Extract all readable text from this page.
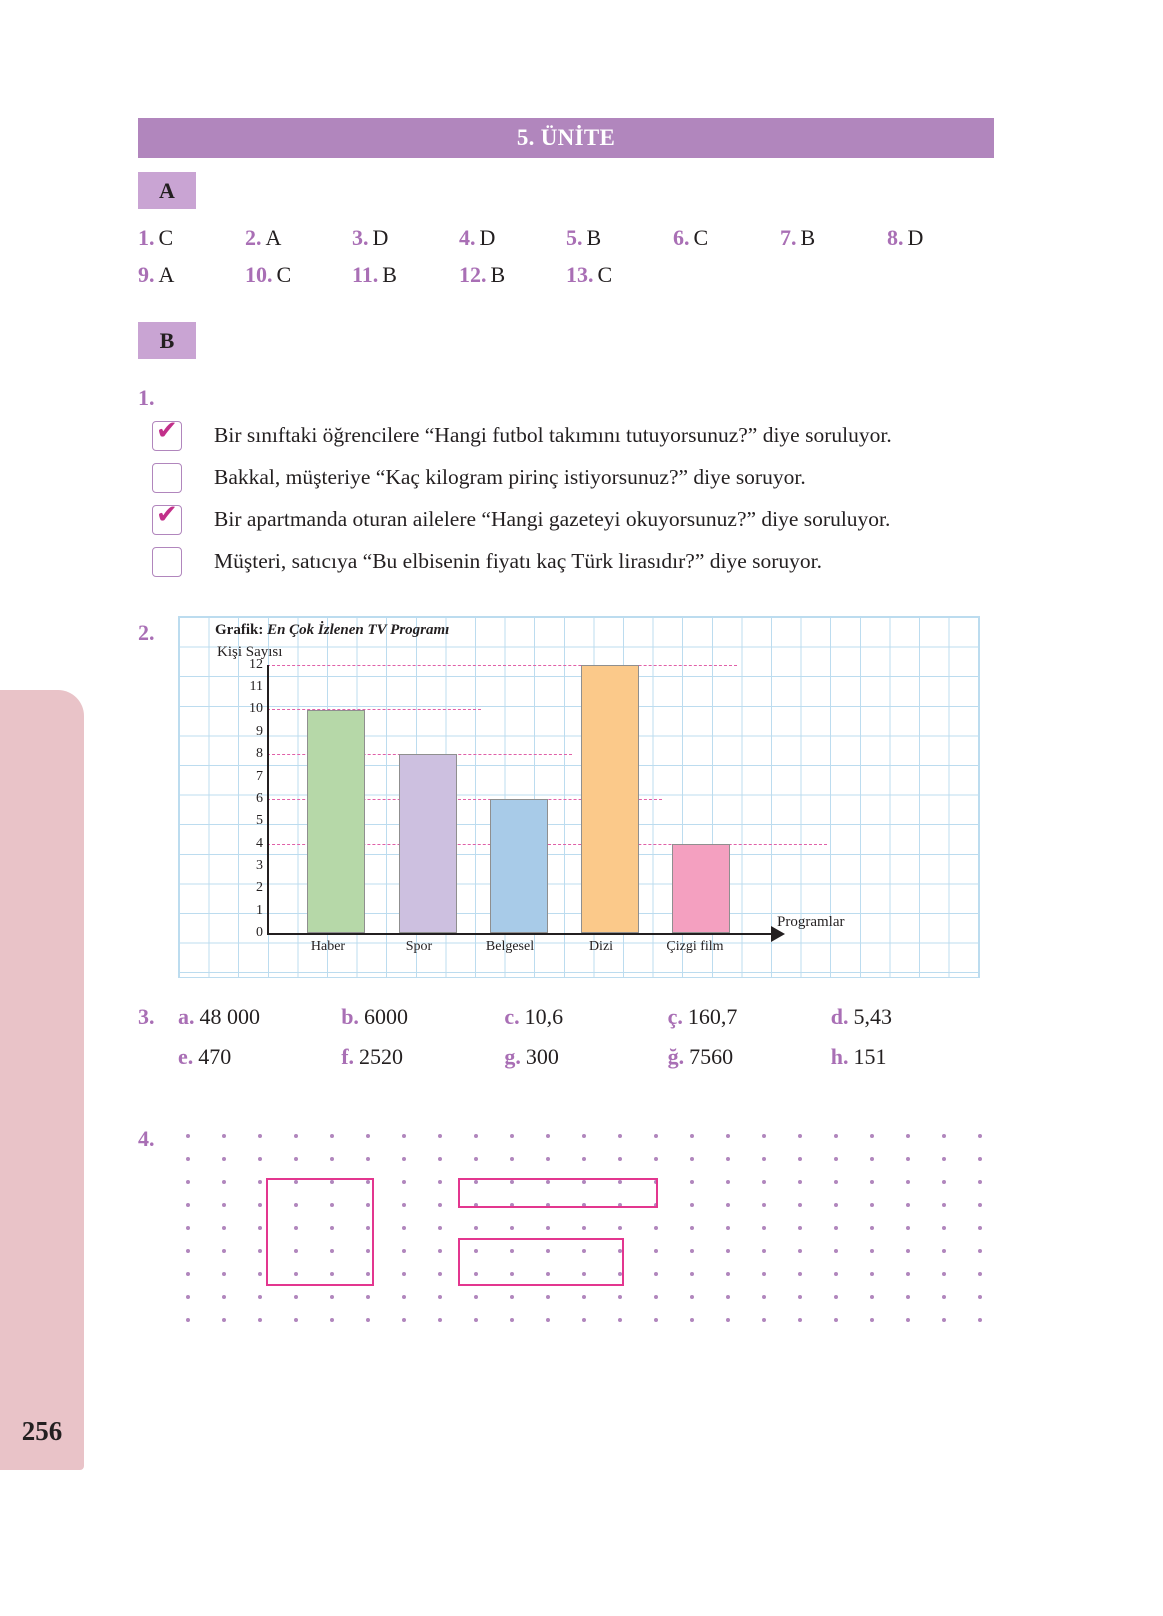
256
5. ÜNİTE
A
1. C	2. A	3. D	4. D	5. B	6. C	7. B	8. D
9. A	10. C	11. B	12. B	13. C
B
1.
✔ Bir sınıftaki öğrencilere “Hangi futbol takımını tutuyorsunuz?” diye soruluyor.
Bakkal, müşteriye “Kaç kilogram pirinç istiyorsunuz?” diye soruyor.
✔ Bir apartmanda oturan ailelere “Hangi gazeteyi okuyorsunuz?” diye soruluyor.
Müşteri, satıcıya “Bu elbisenin fiyatı kaç Türk lirasıdır?” diye soruyor.
2.	Grafik: En Çok İzlenen TV Programı
Kişi Sayısı
Programlar
12
11
10
9
8
7
6
5
4
3
2
1
0
Haber	Spor	Belgesel	Dizi	Çizgi film
3.	a. 48 000	b. 6000	c. 10,6	ç. 160,7	d. 5,43
e. 470	f. 2520	g. 300	ğ. 7560	h. 151
4.
